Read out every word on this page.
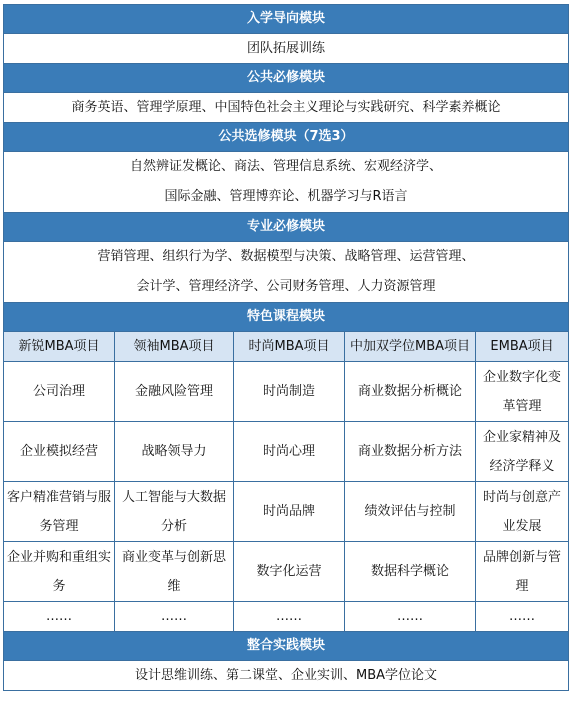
入学导向模块				
团队拓展训练				
公共必修模块				
商务英语、管理学原理、中国特色社会主义理论与实践研究、科学素养概论				
公共选修模块（7选3）				

自然辨证发概论、商法、管理信息系统、宏观经济学、
国际金融、管理博弈论、机器学习与R语言				

专业必修模块				

营销管理、组织行为学、数据模型与决策、战略管理、运营管理、
会计学、管理经济学、公司财务管理、人力资源管理				

特色课程模块				
新锐MBA项目	领袖MBA项目	时尚MBA项目	中加双学位MBA项目	EMBA项目
公司治理	金融风险管理	时尚制造	商业数据分析概论	企业数字化变革管理
企业模拟经营	战略领导力	时尚心理	商业数据分析方法	企业家精神及经济学释义
客户精准营销与服务管理	人工智能与大数据分析	时尚品牌	绩效评估与控制	时尚与创意产业发展
企业并购和重组实务	商业变革与创新思维	数字化运营	数据科学概论	品牌创新与管理
……	……	……	……	……
整合实践模块				
设计思维训练、第二课堂、企业实训、MBA学位论文				
